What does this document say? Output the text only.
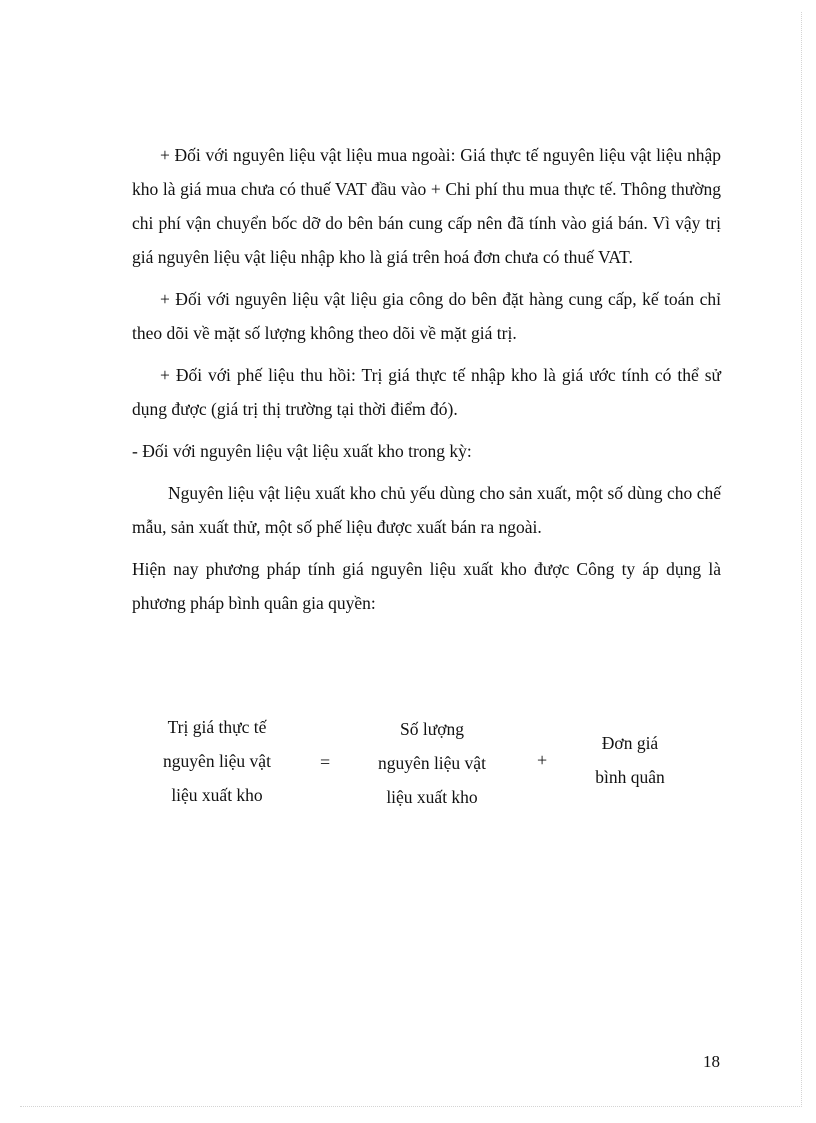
+ Đối với nguyên liệu vật liệu mua ngoài: Giá thực tế nguyên liệu vật liệu nhập kho là giá mua chưa có thuế VAT đầu vào + Chi phí thu mua thực tế. Thông thường chi phí vận chuyển bốc dỡ do bên bán cung cấp nên đã tính vào giá bán. Vì vậy trị giá nguyên liệu vật liệu nhập kho là giá trên hoá đơn chưa có thuế VAT.

+ Đối với nguyên liệu vật liệu gia công do bên đặt hàng cung cấp, kế toán chỉ theo dõi về mặt số lượng không theo dõi về mặt giá trị.

+ Đối với phế liệu thu hồi: Trị giá thực tế nhập kho là giá ước tính có thể sử dụng được (giá trị thị trường tại thời điểm đó).

- Đối với nguyên liệu vật liệu xuất kho trong kỳ:

Nguyên liệu vật liệu xuất kho chủ yếu dùng cho sản xuất, một số dùng cho chế mẫu, sản xuất thử, một số phế liệu được xuất bán ra ngoài.

Hiện nay phương pháp tính giá nguyên liệu xuất kho được Công ty áp dụng là phương pháp bình quân gia quyền:

Trị giá thực tế
nguyên liệu vật
liệu xuất kho
=
Số lượng
nguyên liệu vật
liệu xuất kho
+
Đơn giá
bình quân
18
